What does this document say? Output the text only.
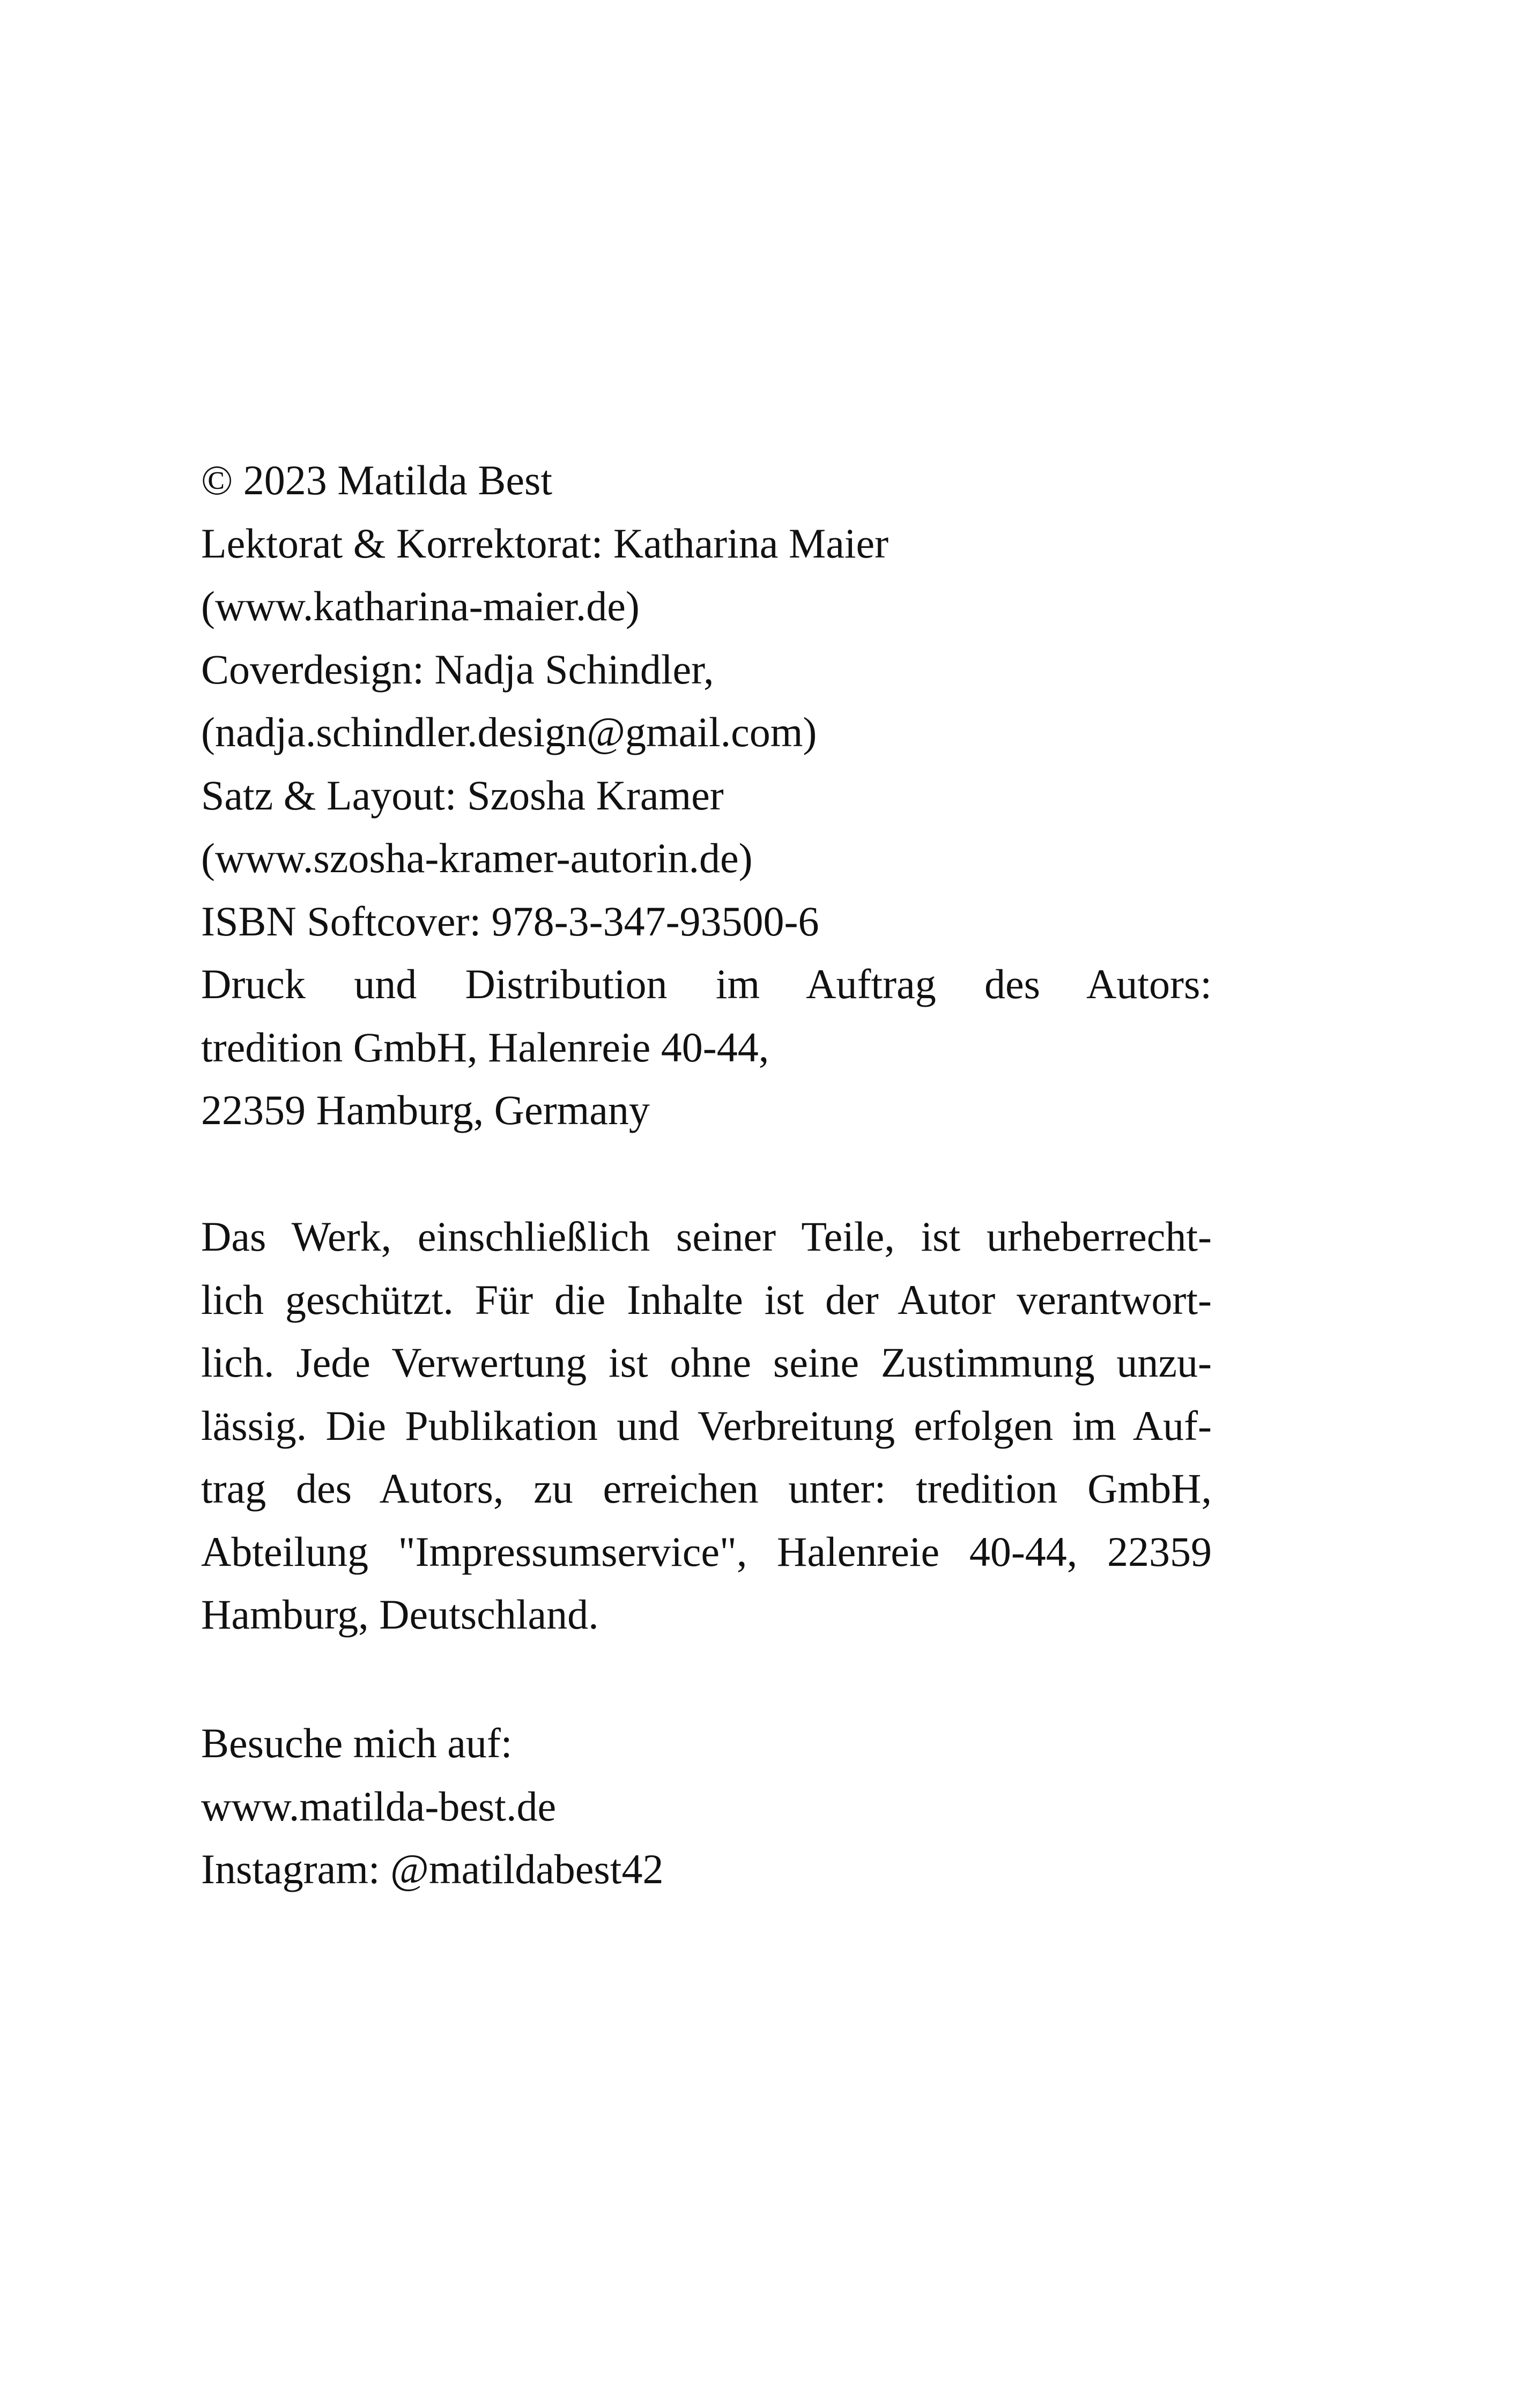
© 2023 Matilda Best
Lektorat & Korrektorat: Katharina Maier
(www.katharina-maier.de)
Coverdesign: Nadja Schindler,
(nadja.schindler.design@gmail.com)
Satz & Layout: Szosha Kramer
(www.szosha-kramer-autorin.de)
ISBN Softcover: 978-3-347-93500-6
Druck und Distribution im Auftrag des Autors:
tredition GmbH, Halenreie 40-44,
22359 Hamburg, Germany
Das Werk, einschließlich seiner Teile, ist urheberrecht-
lich geschützt. Für die Inhalte ist der Autor verantwort-
lich. Jede Verwertung ist ohne seine Zustimmung unzu-
lässig. Die Publikation und Verbreitung erfolgen im Auf-
trag des Autors, zu erreichen unter: tredition GmbH,
Abteilung "Impressumservice", Halenreie 40-44, 22359
Hamburg, Deutschland.
Besuche mich auf:
www.matilda-best.de
Instagram: @matildabest42
